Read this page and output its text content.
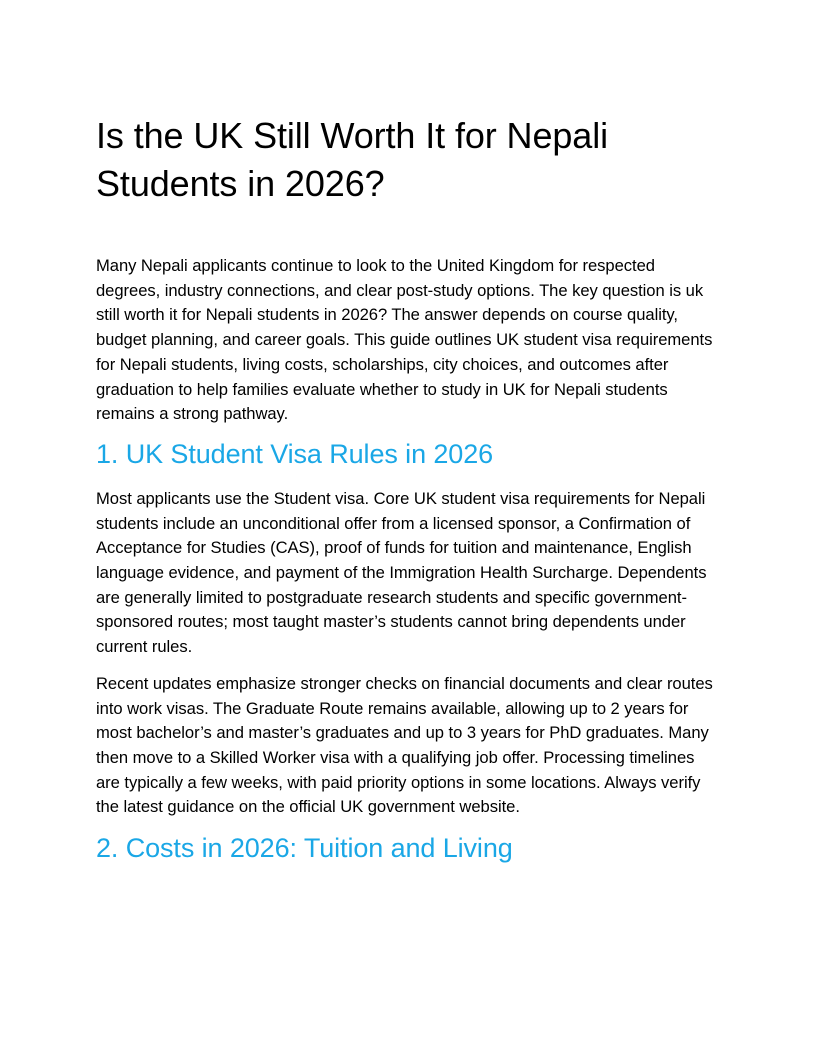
Is the UK Still Worth It for Nepali Students in 2026?

Many Nepali applicants continue to look to the United Kingdom for respected degrees, industry connections, and clear post-study options. The key question is uk still worth it for Nepali students in 2026? The answer depends on course quality, budget planning, and career goals. This guide outlines UK student visa requirements for Nepali students, living costs, scholarships, city choices, and outcomes after graduation to help families evaluate whether to study in UK for Nepali students remains a strong pathway.

1. UK Student Visa Rules in 2026

Most applicants use the Student visa. Core UK student visa requirements for Nepali students include an unconditional offer from a licensed sponsor, a Confirmation of Acceptance for Studies (CAS), proof of funds for tuition and maintenance, English language evidence, and payment of the Immigration Health Surcharge. Dependents are generally limited to postgraduate research students and specific government-sponsored routes; most taught master’s students cannot bring dependents under current rules.

Recent updates emphasize stronger checks on financial documents and clear routes into work visas. The Graduate Route remains available, allowing up to 2 years for most bachelor’s and master’s graduates and up to 3 years for PhD graduates. Many then move to a Skilled Worker visa with a qualifying job offer. Processing timelines are typically a few weeks, with paid priority options in some locations. Always verify the latest guidance on the official UK government website.

2. Costs in 2026: Tuition and Living
